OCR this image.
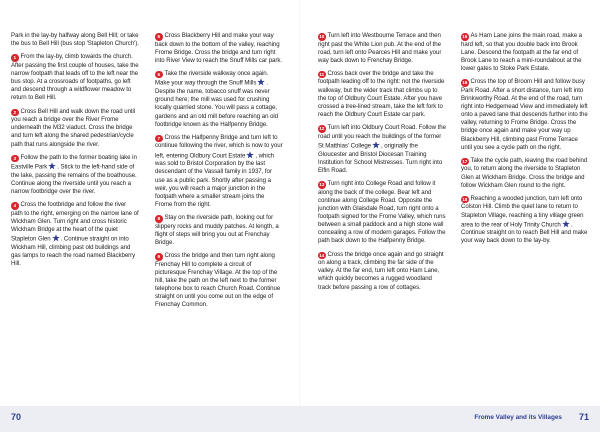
Park in the lay-by halfway along Bell Hill; or take the bus to Bell Hill (bus stop 'Stapleton Church').

1 From the lay-by, climb towards the church. After passing the first couple of houses, take the narrow footpath that leads off to the left near the bus stop. At a crossroads of footpaths, go left and descend through a wildflower meadow to return to Bell Hill.

2 Cross Bell Hill and walk down the road until you reach a bridge over the River Frome underneath the M32 viaduct. Cross the bridge and turn left along the shared pedestrian/cycle path that runs alongside the river.

3 Follow the path to the former boating lake in Eastville Park . Stick to the left-hand side of the lake, passing the remains of the boathouse. Continue along the riverside until you reach a narrow footbridge over the river.

4 Cross the footbridge and follow the river path to the right, emerging on the narrow lane of Wickham Glen. Turn right and cross historic Wickham Bridge at the heart of the quiet Stapleton Glen . Continue straight on into Wickham Hill, climbing past old buildings and gas lamps to reach the road named Blackberry Hill.

5 Cross Blackberry Hill and make your way back down to the bottom of the valley, reaching Frome Bridge. Cross the bridge and turn right into River View to reach the Snuff Mills car park.

6 Take the riverside walkway once again. Make your way through the Snuff Mills . Despite the name, tobacco snuff was never ground here; the mill was used for crushing locally quarried stone. You will pass a cottage, gardens and an old mill before reaching an old footbridge known as the Halfpenny Bridge.

7 Cross the Halfpenny Bridge and turn left to continue following the river, which is now to your left, entering Oldbury Court Estate , which was sold to Bristol Corporation by the last descendant of the Vassall family in 1937, for use as a public park. Shortly after passing a weir, you will reach a major junction in the footpath where a smaller stream joins the Frome from the right.

8 Stay on the riverside path, looking out for slippery rocks and muddy patches. At length, a flight of steps will bring you out at Frenchay Bridge.

9 Cross the bridge and then turn right along Frenchay Hill to complete a circuit of picturesque Frenchay Village. At the top of the hill, take the path on the left next to the former telephone box to reach Church Road. Continue straight on until you come out on the edge of Frenchay Common.

10 Turn left into Westbourne Terrace and then right past the White Lion pub. At the end of the road, turn left onto Pearces Hill and make your way back down to Frenchay Bridge.

11 Cross back over the bridge and take the footpath leading off to the right: not the riverside walkway, but the wider track that climbs up to the top of Oldbury Court Estate. After you have crossed a tree-lined stream, take the left fork to reach the Oldbury Court Estate car park.

12 Turn left into Oldbury Court Road. Follow the road until you reach the buildings of the former St Matthias' College , originally the Gloucester and Bristol Diocesan Training Institution for School Mistresses. Turn right into Elfin Road.

13 Turn right into College Road and follow it along the back of the college. Bear left and continue along College Road. Opposite the junction with Glaisdale Road, turn right onto a footpath signed for the Frome Valley, which runs between a small paddock and a high stone wall concealing a row of modern garages. Follow the path back down to the Halfpenny Bridge.

14 Cross the bridge once again and go straight on along a track, climbing the far side of the valley. At the far end, turn left onto Ham Lane, which quickly becomes a rugged woodland track before passing a row of cottages.

15 As Ham Lane joins the main road, make a hard left, so that you double back into Brook Lane. Descend the footpath at the far end of Brook Lane to reach a mini-roundabout at the lower gates to Stoke Park Estate.

16 Cross the top of Broom Hill and follow busy Park Road. After a short distance, turn left into Brinkworthy Road. At the end of the road, turn right into Hedgemead View and immediately left onto a paved lane that descends further into the valley, returning to Frome Bridge. Cross the bridge once again and make your way up Blackberry Hill, climbing past Frome Terrace until you see a cycle path on the right.

17 Take the cycle path, leaving the road behind you, to return along the riverside to Stapleton Glen at Wickham Bridge. Cross the bridge and follow Wickham Glen round to the right.

18 Reaching a wooded junction, turn left onto Colston Hill. Climb the quiet lane to return to Stapleton Village, reaching a tiny village green area to the rear of Holy Trinity Church . Continue straight on to reach Bell Hill and make your way back down to the lay-by.

70	Frome Valley and its Villages 71
